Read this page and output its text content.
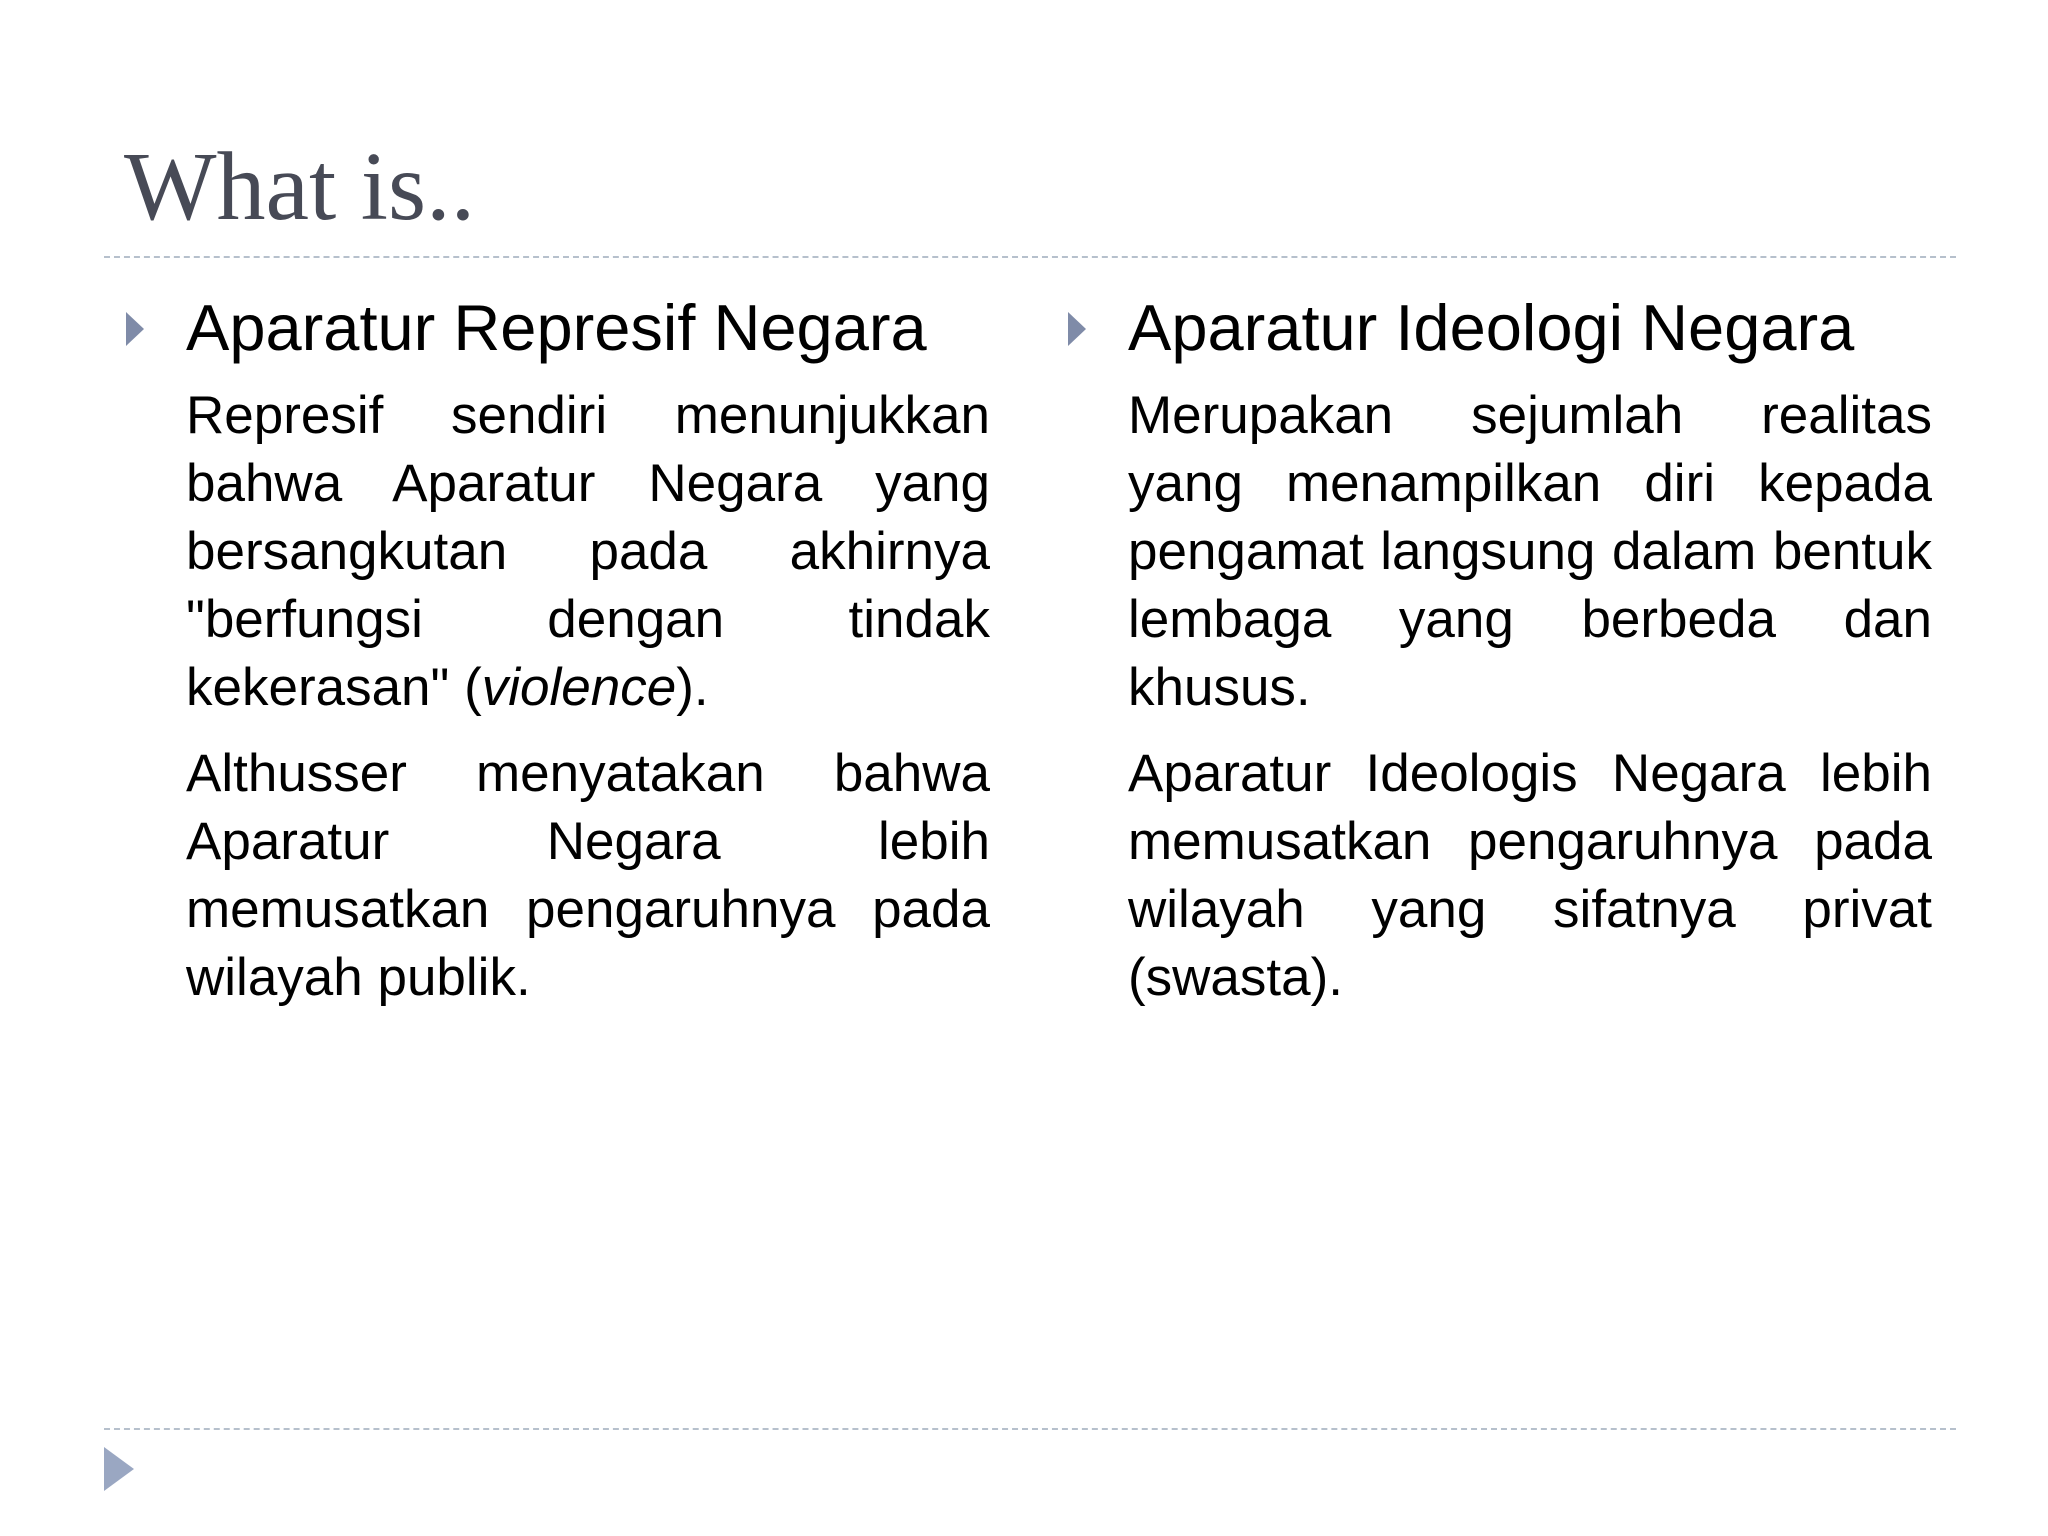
What is..
Aparatur Represif Negara

Represif sendiri menunjukkan bahwa Aparatur Negara yang bersangkutan pada akhirnya "berfungsi dengan tindak kekerasan" (violence).

Althusser menyatakan bahwa Aparatur Negara lebih memusatkan pengaruhnya pada wilayah publik.

Aparatur Ideologi Negara

Merupakan sejumlah realitas yang menampilkan diri kepada pengamat langsung dalam bentuk lembaga yang berbeda dan khusus.

Aparatur Ideologis Negara lebih memusatkan pengaruhnya pada wilayah yang sifatnya privat (swasta).
